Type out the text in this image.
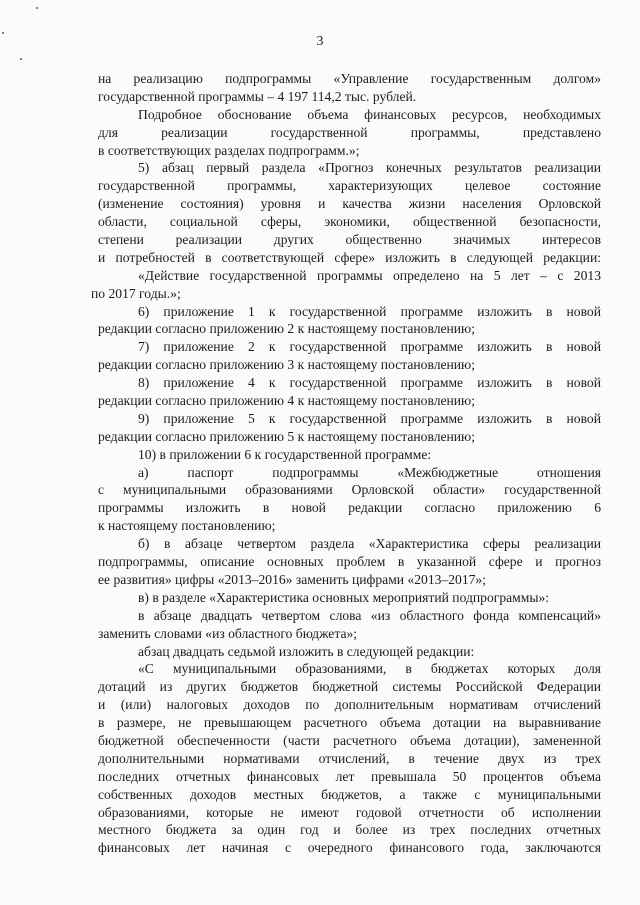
3
на реализацию подпрограммы «Управление государственным долгом»
государственной программы – 4 197 114,2 тыс. рублей.
Подробное обоснование объема финансовых ресурсов, необходимых
для реализации государственной программы, представлено
в соответствующих разделах подпрограмм.»;
5) абзац первый раздела «Прогноз конечных результатов реализации
государственной программы, характеризующих целевое состояние
(изменение состояния) уровня и качества жизни населения Орловской
области, социальной сферы, экономики, общественной безопасности,
степени реализации других общественно значимых интересов
и потребностей в соответствующей сфере» изложить в следующей редакции:
«Действие государственной программы определено на 5 лет – с 2013
по 2017 годы.»;
6) приложение 1 к государственной программе изложить в новой
редакции согласно приложению 2 к настоящему постановлению;
7) приложение 2 к государственной программе изложить в новой
редакции согласно приложению 3 к настоящему постановлению;
8) приложение 4 к государственной программе изложить в новой
редакции согласно приложению 4 к настоящему постановлению;
9) приложение 5 к государственной программе изложить в новой
редакции согласно приложению 5 к настоящему постановлению;
10) в приложении 6 к государственной программе:
а) паспорт подпрограммы «Межбюджетные отношения
с муниципальными образованиями Орловской области» государственной
программы изложить в новой редакции согласно приложению 6
к настоящему постановлению;
б) в абзаце четвертом раздела «Характеристика сферы реализации
подпрограммы, описание основных проблем в указанной сфере и прогноз
ее развития» цифры «2013–2016» заменить цифрами «2013–2017»;
в) в разделе «Характеристика основных мероприятий подпрограммы»:
в абзаце двадцать четвертом слова «из областного фонда компенсаций»
заменить словами «из областного бюджета»;
абзац двадцать седьмой изложить в следующей редакции:
«С муниципальными образованиями, в бюджетах которых доля
дотаций из других бюджетов бюджетной системы Российской Федерации
и (или) налоговых доходов по дополнительным нормативам отчислений
в размере, не превышающем расчетного объема дотации на выравнивание
бюджетной обеспеченности (части расчетного объема дотации), замененной
дополнительными нормативами отчислений, в течение двух из трех
последних отчетных финансовых лет превышала 50 процентов объема
собственных доходов местных бюджетов, а также с муниципальными
образованиями, которые не имеют годовой отчетности об исполнении
местного бюджета за один год и более из трех последних отчетных
финансовых лет начиная с очередного финансового года, заключаются
